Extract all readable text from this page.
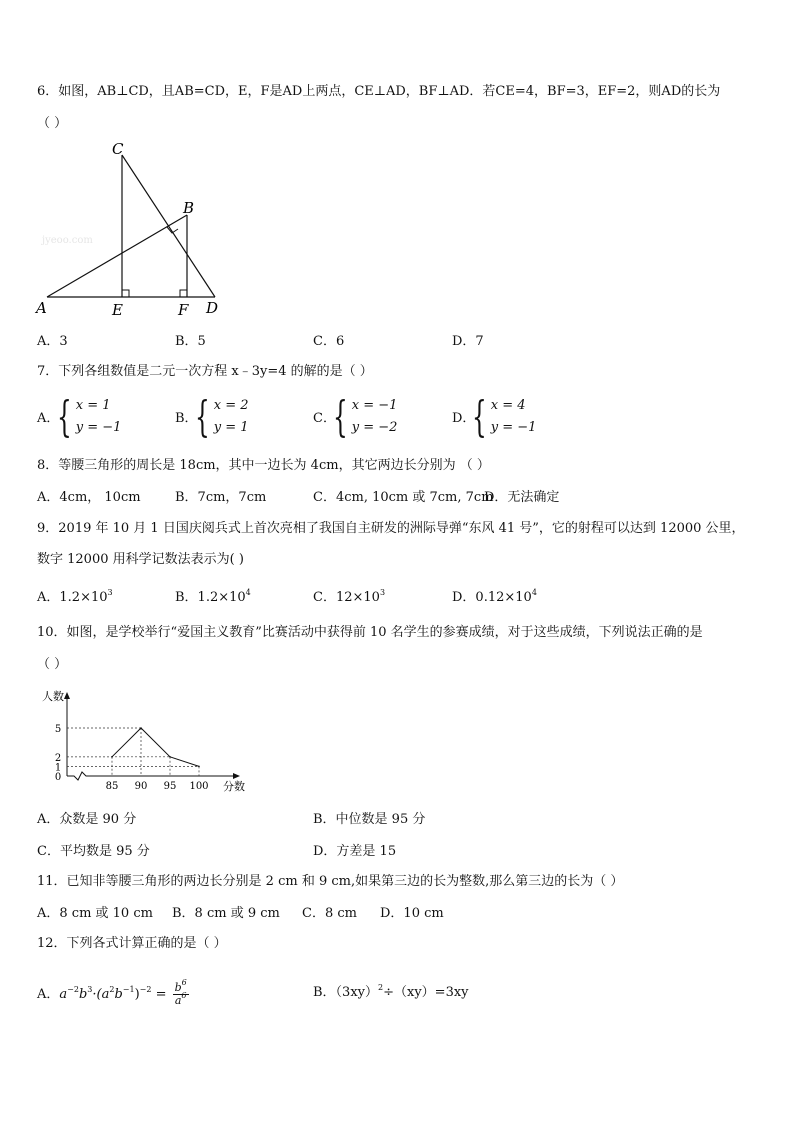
6．如图，AB⊥CD，且AB=CD，E，F是AD上两点，CE⊥AD，BF⊥AD．若CE=4，BF=3，EF=2，则AD的长为
（ ）
C
B
A	E	F D
jyeoo.com
A．3	B．5	C．6	D．7
7．下列各组数值是二元一次方程 x﹣3y=4 的解的是（ ）
A．
{ x = 1
y = −1
B．
{ x = 2
y = 1
C．
{ x = −1
y = −2
D．
{ x = 4
y = −1
8．等腰三角形的周长是 18cm，其中一边长为 4cm，其它两边长分别为 （ ）
A．4cm， 10cm	B．7cm，7cm	C．4cm, 10cm 或 7cm, 7cm
D．无法确定
9．2019 年 10 月 1 日国庆阅兵式上首次亮相了我国自主研发的洲际导弹“东风 41 号”，它的射程可以达到 12000 公里，
数字 12000 用科学记数法表示为( )
A．$1.2\times 10^3$	B．$1.2\times 10^4$	C．$12\times 10^3$	D．$0.12\times 10^4$
10．如图，是学校举行“爱国主义教育”比赛活动中获得前 10 名学生的参赛成绩，对于这些成绩，下列说法正确的是
（ ）
0
1
2
5
85 90 95 100
人数
分数
A．众数是 90 分	B．中位数是 95 分
C．平均数是 95 分	D．方差是 15
11．已知非等腰三角形的两边长分别是 2 cm 和 9 cm,如果第三边的长为整数,那么第三边的长为（ ）
A．8 cm 或 10 cm B．8 cm 或 9 cm C．8 cm D．10 cm
12．下列各式计算正确的是（ ）
A．$a^{-2}b^3\cdot(a^2b^{-1})^{-2} = \frac{b^6}{a^6}$	B．$(3xy)^2\div(xy)=3xy$
